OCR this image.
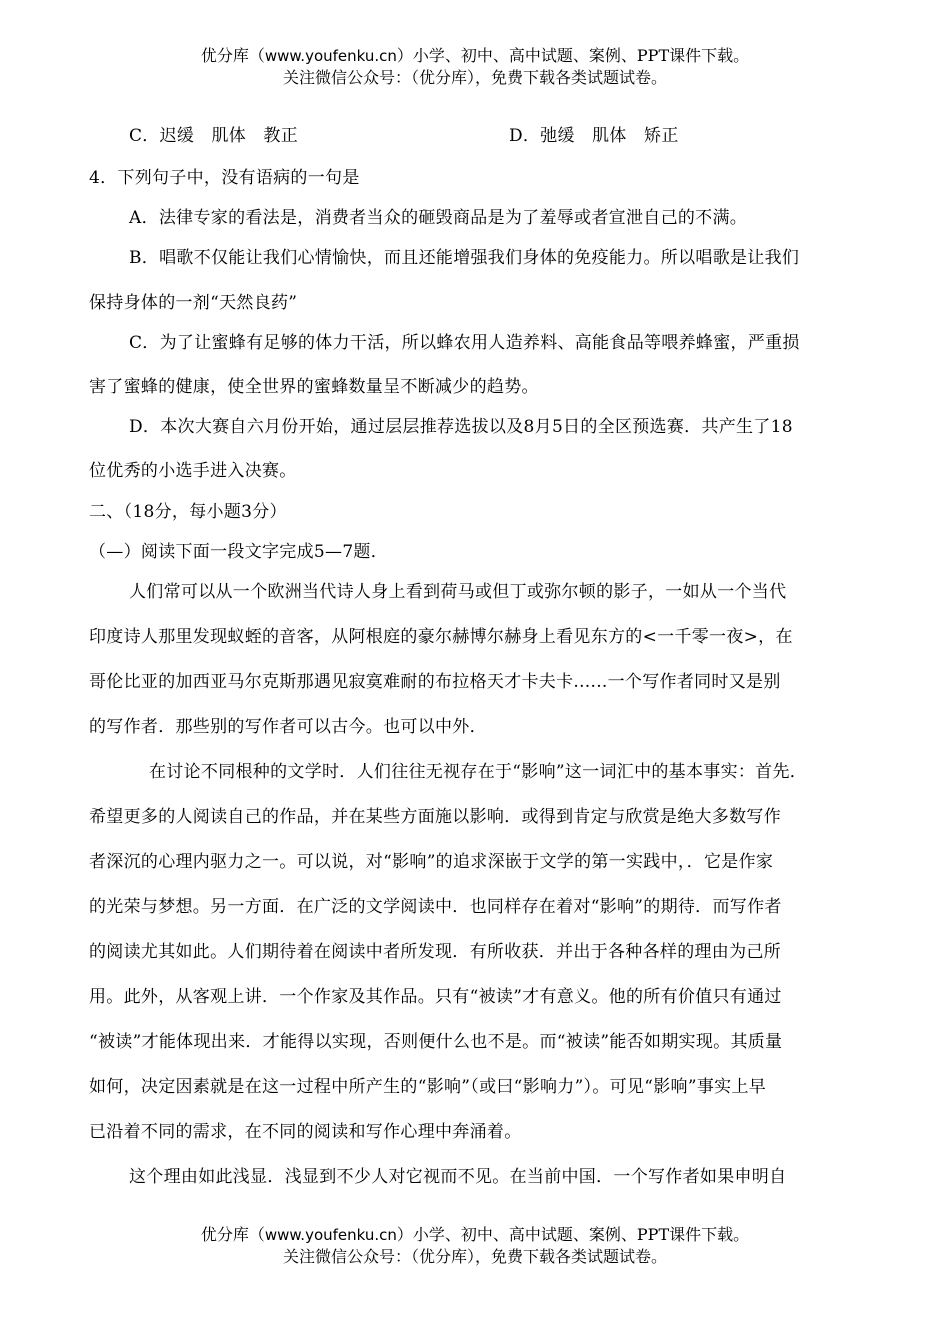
优分库（www.youfenku.cn）小学、初中、高中试题、案例、PPT课件下载。
关注微信公众号：（优分库），免费下载各类试题试卷。
C．迟缓　肌体　教正	D．弛缓　肌体　矫正
4．下列句子中，没有语病的一句是
A．法律专家的看法是，消费者当众的砸毁商品是为了羞辱或者宣泄自己的不满。
B．唱歌不仅能让我们心情愉快，而且还能增强我们身体的免疫能力。所以唱歌是让我们
保持身体的一剂“天然良药”
C．为了让蜜蜂有足够的体力干活，所以蜂农用人造养料、高能食品等喂养蜂蜜，严重损
害了蜜蜂的健康，使全世界的蜜蜂数量呈不断减少的趋势。
D．本次大赛自六月份开始，通过层层推荐选拔以及8月5日的全区预选赛．共产生了18
位优秀的小选手进入决赛。
二、（18分，每小题3分）
（—）阅读下面一段文字完成5—7题．
人们常可以从一个欧洲当代诗人身上看到荷马或但丁或弥尔顿的影子，一如从一个当代
印度诗人那里发现蚁蛭的音客，从阿根庭的豪尔赫博尔赫身上看见东方的<一千零一夜>，在
哥伦比亚的加西亚马尔克斯那遇见寂寞难耐的布拉格天才卡夫卡......一个写作者同时又是别
的写作者．那些别的写作者可以古今。也可以中外．
在讨论不同根种的文学时．人们往往无视存在于“影响”这一词汇中的基本事实：首先．
希望更多的人阅读自己的作品，并在某些方面施以影响．或得到肯定与欣赏是绝大多数写作
者深沉的心理内驱力之一。可以说，对“影响”的追求深嵌于文学的第一实践中，．它是作家
的光荣与梦想。另一方面．在广泛的文学阅读中．也同样存在着对“影响”的期待．而写作者
的阅读尤其如此。人们期待着在阅读中者所发现．有所收获．并出于各种各样的理由为己所
用。此外，从客观上讲．一个作家及其作品。只有“被读”才有意义。他的所有价值只有通过
“被读”才能体现出来．才能得以实现，否则便什么也不是。而“被读”能否如期实现。其质量
如何，决定因素就是在这一过程中所产生的“影响”（或曰“影响力”）。可见“影响”事实上早
已沿着不同的需求，在不同的阅读和写作心理中奔涌着。
这个理由如此浅显．浅显到不少人对它视而不见。在当前中国．一个写作者如果申明自
优分库（www.youfenku.cn）小学、初中、高中试题、案例、PPT课件下载。
关注微信公众号：（优分库），免费下载各类试题试卷。
